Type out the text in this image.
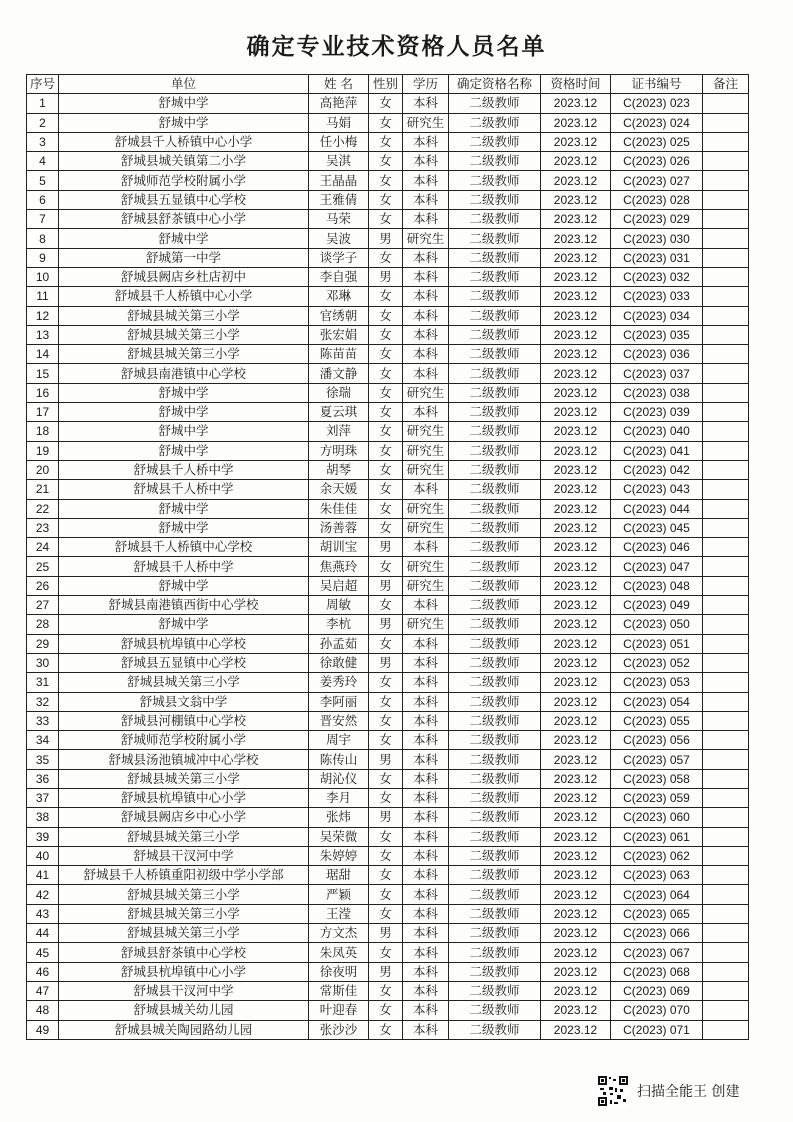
确定专业技术资格人员名单
序号	单位	姓 名	性别	学历	确定资格名称	资格时间	证书编号	备注
1	舒城中学	高艳萍	女	本科	二级教师	2023.12	C(2023) 023	
2	舒城中学	马娟	女	研究生	二级教师	2023.12	C(2023) 024	
3	舒城县千人桥镇中心小学	任小梅	女	本科	二级教师	2023.12	C(2023) 025	
4	舒城县城关镇第二小学	吴淇	女	本科	二级教师	2023.12	C(2023) 026	
5	舒城师范学校附属小学	王晶晶	女	本科	二级教师	2023.12	C(2023) 027	
6	舒城县五显镇中心学校	王雅倩	女	本科	二级教师	2023.12	C(2023) 028	
7	舒城县舒茶镇中心小学	马荣	女	本科	二级教师	2023.12	C(2023) 029	
8	舒城中学	吴波	男	研究生	二级教师	2023.12	C(2023) 030	
9	舒城第一中学	谈学子	女	本科	二级教师	2023.12	C(2023) 031	
10	舒城县阙店乡杜店初中	李自强	男	本科	二级教师	2023.12	C(2023) 032	
11	舒城县千人桥镇中心小学	邓琳	女	本科	二级教师	2023.12	C(2023) 033	
12	舒城县城关第三小学	官绣朝	女	本科	二级教师	2023.12	C(2023) 034	
13	舒城县城关第三小学	张宏娟	女	本科	二级教师	2023.12	C(2023) 035	
14	舒城县城关第三小学	陈苗苗	女	本科	二级教师	2023.12	C(2023) 036	
15	舒城县南港镇中心学校	潘文静	女	本科	二级教师	2023.12	C(2023) 037	
16	舒城中学	徐瑞	女	研究生	二级教师	2023.12	C(2023) 038	
17	舒城中学	夏云琪	女	本科	二级教师	2023.12	C(2023) 039	
18	舒城中学	刘萍	女	研究生	二级教师	2023.12	C(2023) 040	
19	舒城中学	方明珠	女	研究生	二级教师	2023.12	C(2023) 041	
20	舒城县千人桥中学	胡琴	女	研究生	二级教师	2023.12	C(2023) 042	
21	舒城县千人桥中学	余天媛	女	本科	二级教师	2023.12	C(2023) 043	
22	舒城中学	朱佳佳	女	研究生	二级教师	2023.12	C(2023) 044	
23	舒城中学	汤善蓉	女	研究生	二级教师	2023.12	C(2023) 045	
24	舒城县千人桥镇中心学校	胡训宝	男	本科	二级教师	2023.12	C(2023) 046	
25	舒城县千人桥中学	焦燕玲	女	研究生	二级教师	2023.12	C(2023) 047	
26	舒城中学	吴启超	男	研究生	二级教师	2023.12	C(2023) 048	
27	舒城县南港镇西街中心学校	周敏	女	本科	二级教师	2023.12	C(2023) 049	
28	舒城中学	李杭	男	研究生	二级教师	2023.12	C(2023) 050	
29	舒城县杭埠镇中心学校	孙孟茹	女	本科	二级教师	2023.12	C(2023) 051	
30	舒城县五显镇中心学校	徐敢健	男	本科	二级教师	2023.12	C(2023) 052	
31	舒城县城关第三小学	姜秀玲	女	本科	二级教师	2023.12	C(2023) 053	
32	舒城县文翁中学	李阿丽	女	本科	二级教师	2023.12	C(2023) 054	
33	舒城县河棚镇中心学校	晋安然	女	本科	二级教师	2023.12	C(2023) 055	
34	舒城师范学校附属小学	周宇	女	本科	二级教师	2023.12	C(2023) 056	
35	舒城县汤池镇城冲中心学校	陈传山	男	本科	二级教师	2023.12	C(2023) 057	
36	舒城县城关第三小学	胡沁仪	女	本科	二级教师	2023.12	C(2023) 058	
37	舒城县杭埠镇中心小学	李月	女	本科	二级教师	2023.12	C(2023) 059	
38	舒城县阙店乡中心小学	张炜	男	本科	二级教师	2023.12	C(2023) 060	
39	舒城县城关第三小学	吴荣微	女	本科	二级教师	2023.12	C(2023) 061	
40	舒城县干汊河中学	朱婷婷	女	本科	二级教师	2023.12	C(2023) 062	
41	舒城县千人桥镇重阳初级中学小学部	琚甜	女	本科	二级教师	2023.12	C(2023) 063	
42	舒城县城关第三小学	严颖	女	本科	二级教师	2023.12	C(2023) 064	
43	舒城县城关第三小学	王滢	女	本科	二级教师	2023.12	C(2023) 065	
44	舒城县城关第三小学	方文杰	男	本科	二级教师	2023.12	C(2023) 066	
45	舒城县舒茶镇中心学校	朱凤英	女	本科	二级教师	2023.12	C(2023) 067	
46	舒城县杭埠镇中心小学	徐夜明	男	本科	二级教师	2023.12	C(2023) 068	
47	舒城县干汊河中学	常斯佳	女	本科	二级教师	2023.12	C(2023) 069	
48	舒城县城关幼儿园	叶迎春	女	本科	二级教师	2023.12	C(2023) 070	
49	舒城县城关陶园路幼儿园	张沙沙	女	本科	二级教师	2023.12	C(2023) 071	
扫描全能王 创建
